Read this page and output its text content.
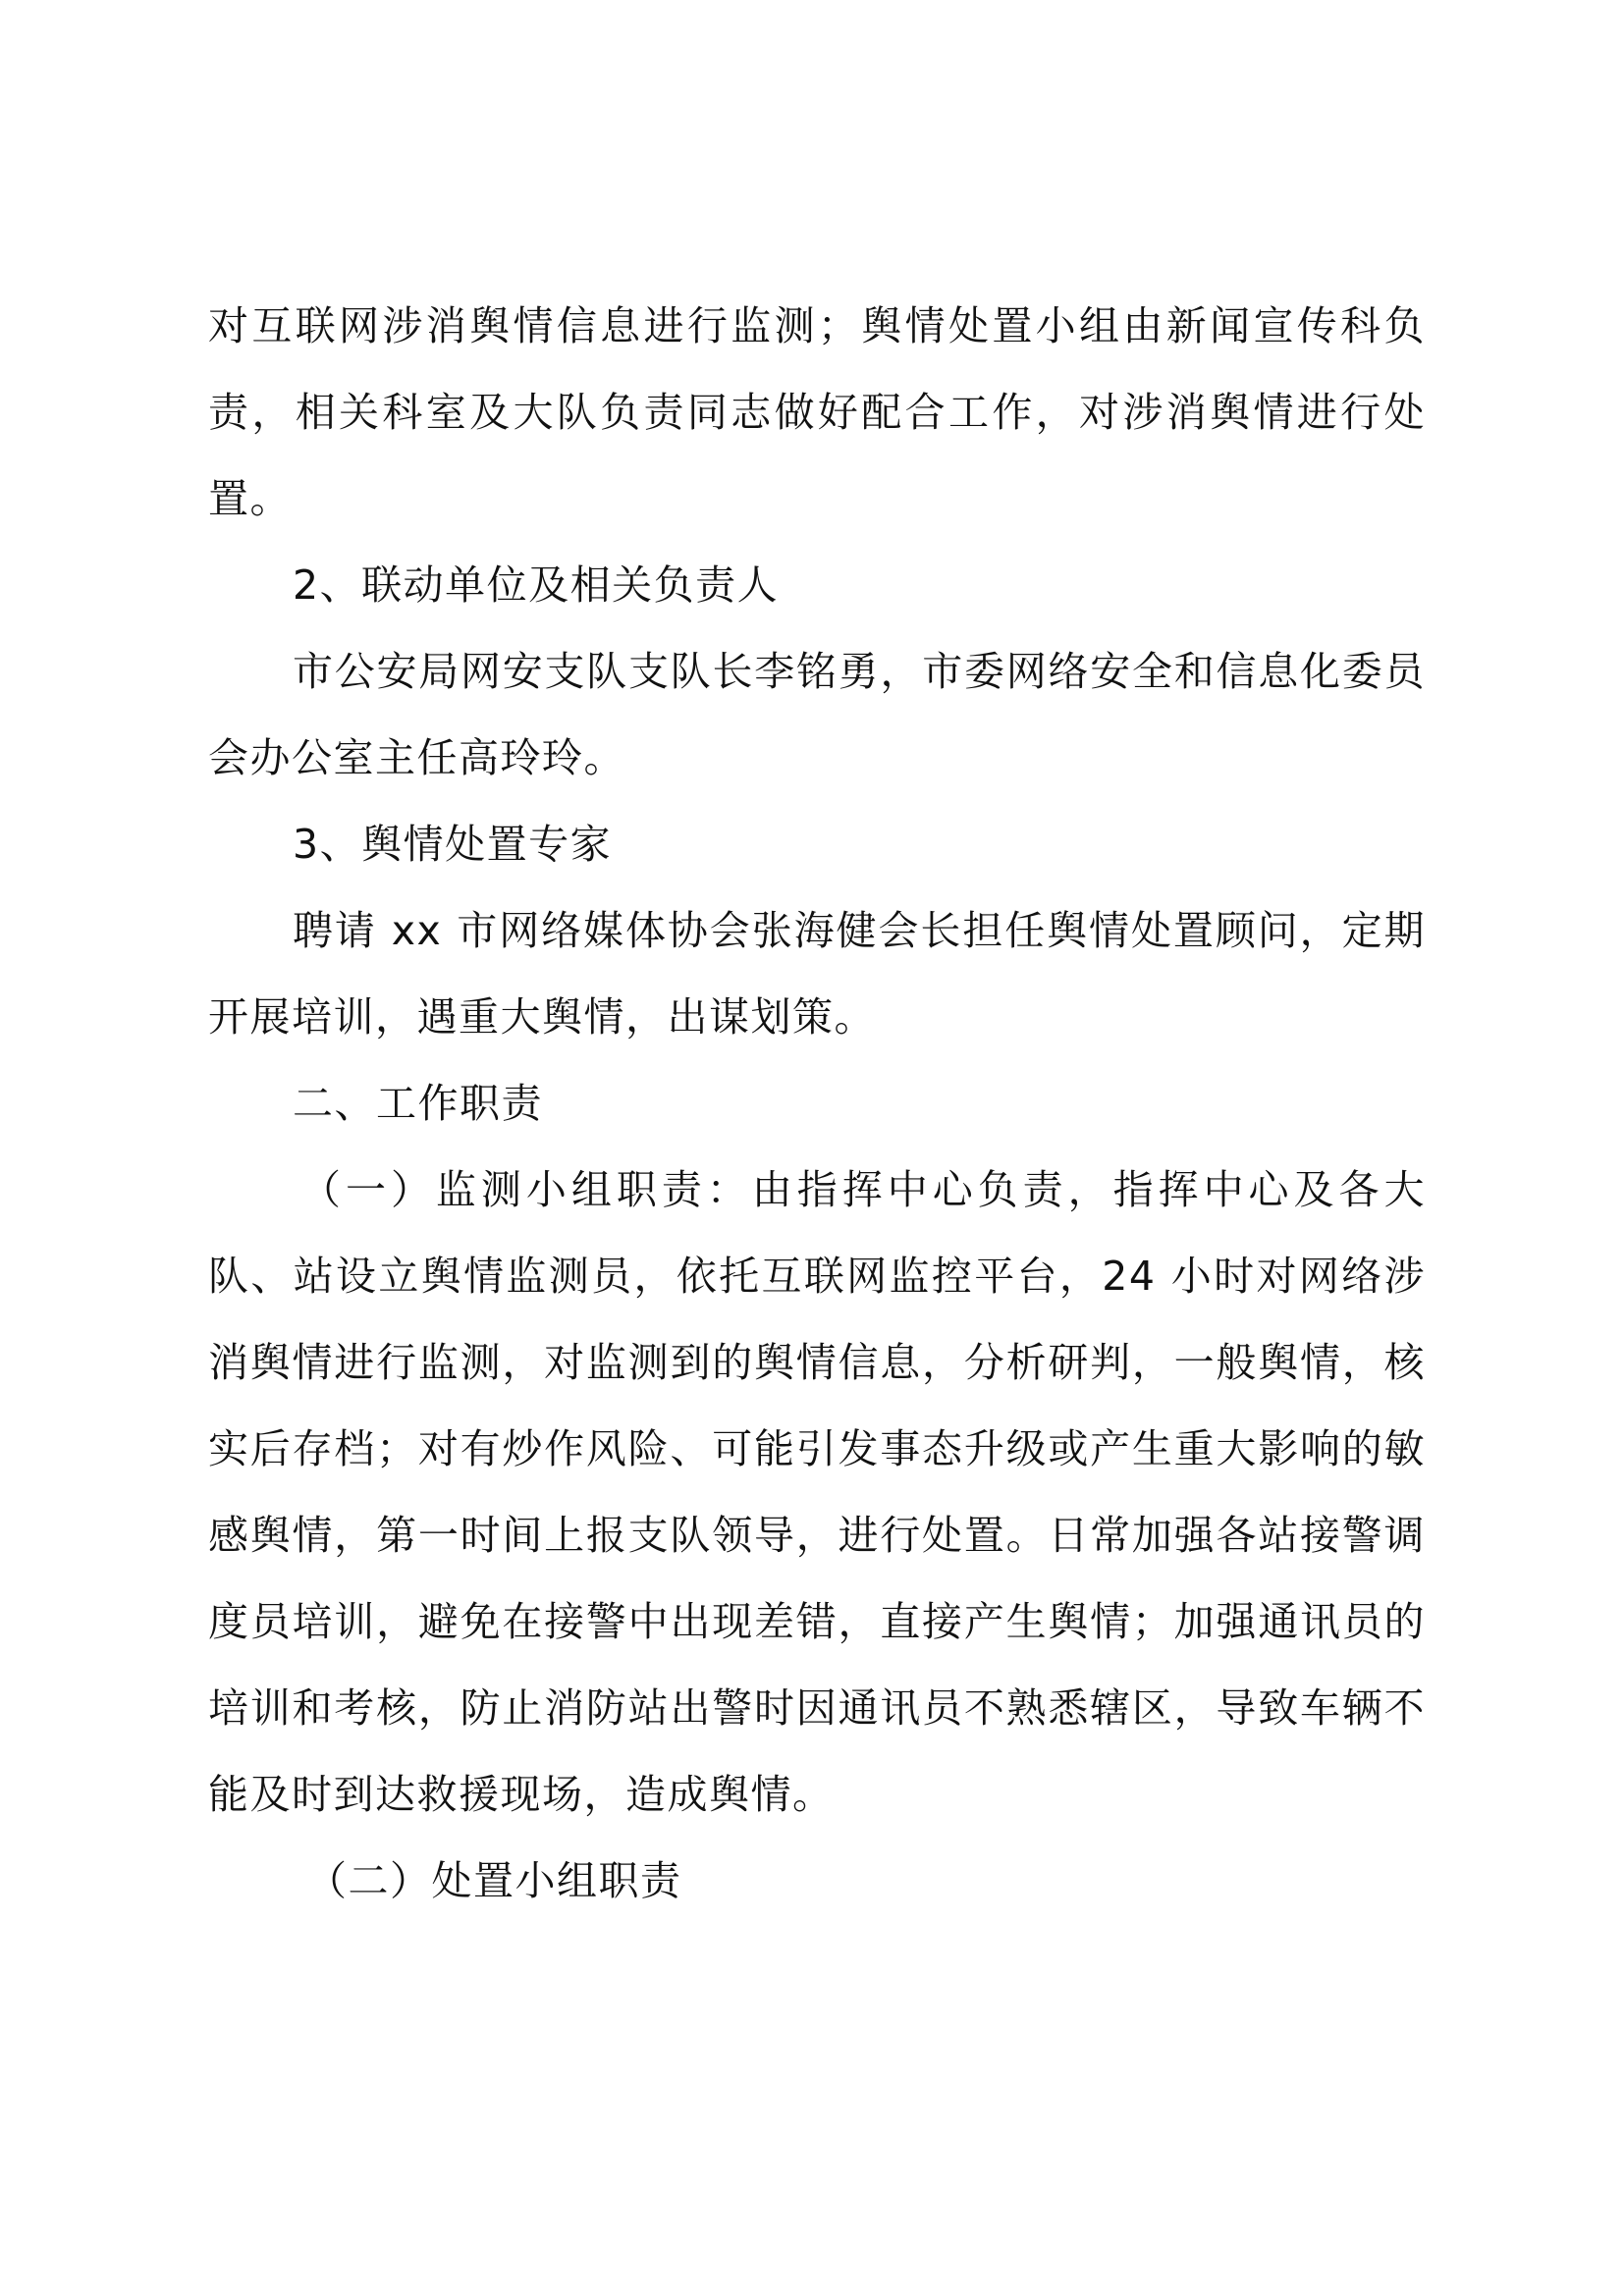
对互联网涉消舆情信息进行监测；舆情处置小组由新闻宣传科负责，相关科室及大队负责同志做好配合工作，对涉消舆情进行处置。

2、联动单位及相关负责人

市公安局网安支队支队长李铭勇，市委网络安全和信息化委员会办公室主任高玲玲。

3、舆情处置专家

聘请 xx 市网络媒体协会张海健会长担任舆情处置顾问，定期开展培训，遇重大舆情，出谋划策。

二、工作职责

（一）监测小组职责：由指挥中心负责，指挥中心及各大队、站设立舆情监测员，依托互联网监控平台，24 小时对网络涉消舆情进行监测，对监测到的舆情信息，分析研判，一般舆情，核实后存档；对有炒作风险、可能引发事态升级或产生重大影响的敏感舆情，第一时间上报支队领导，进行处置。日常加强各站接警调度员培训，避免在接警中出现差错，直接产生舆情；加强通讯员的培训和考核，防止消防站出警时因通讯员不熟悉辖区，导致车辆不能及时到达救援现场，造成舆情。

（二）处置小组职责
